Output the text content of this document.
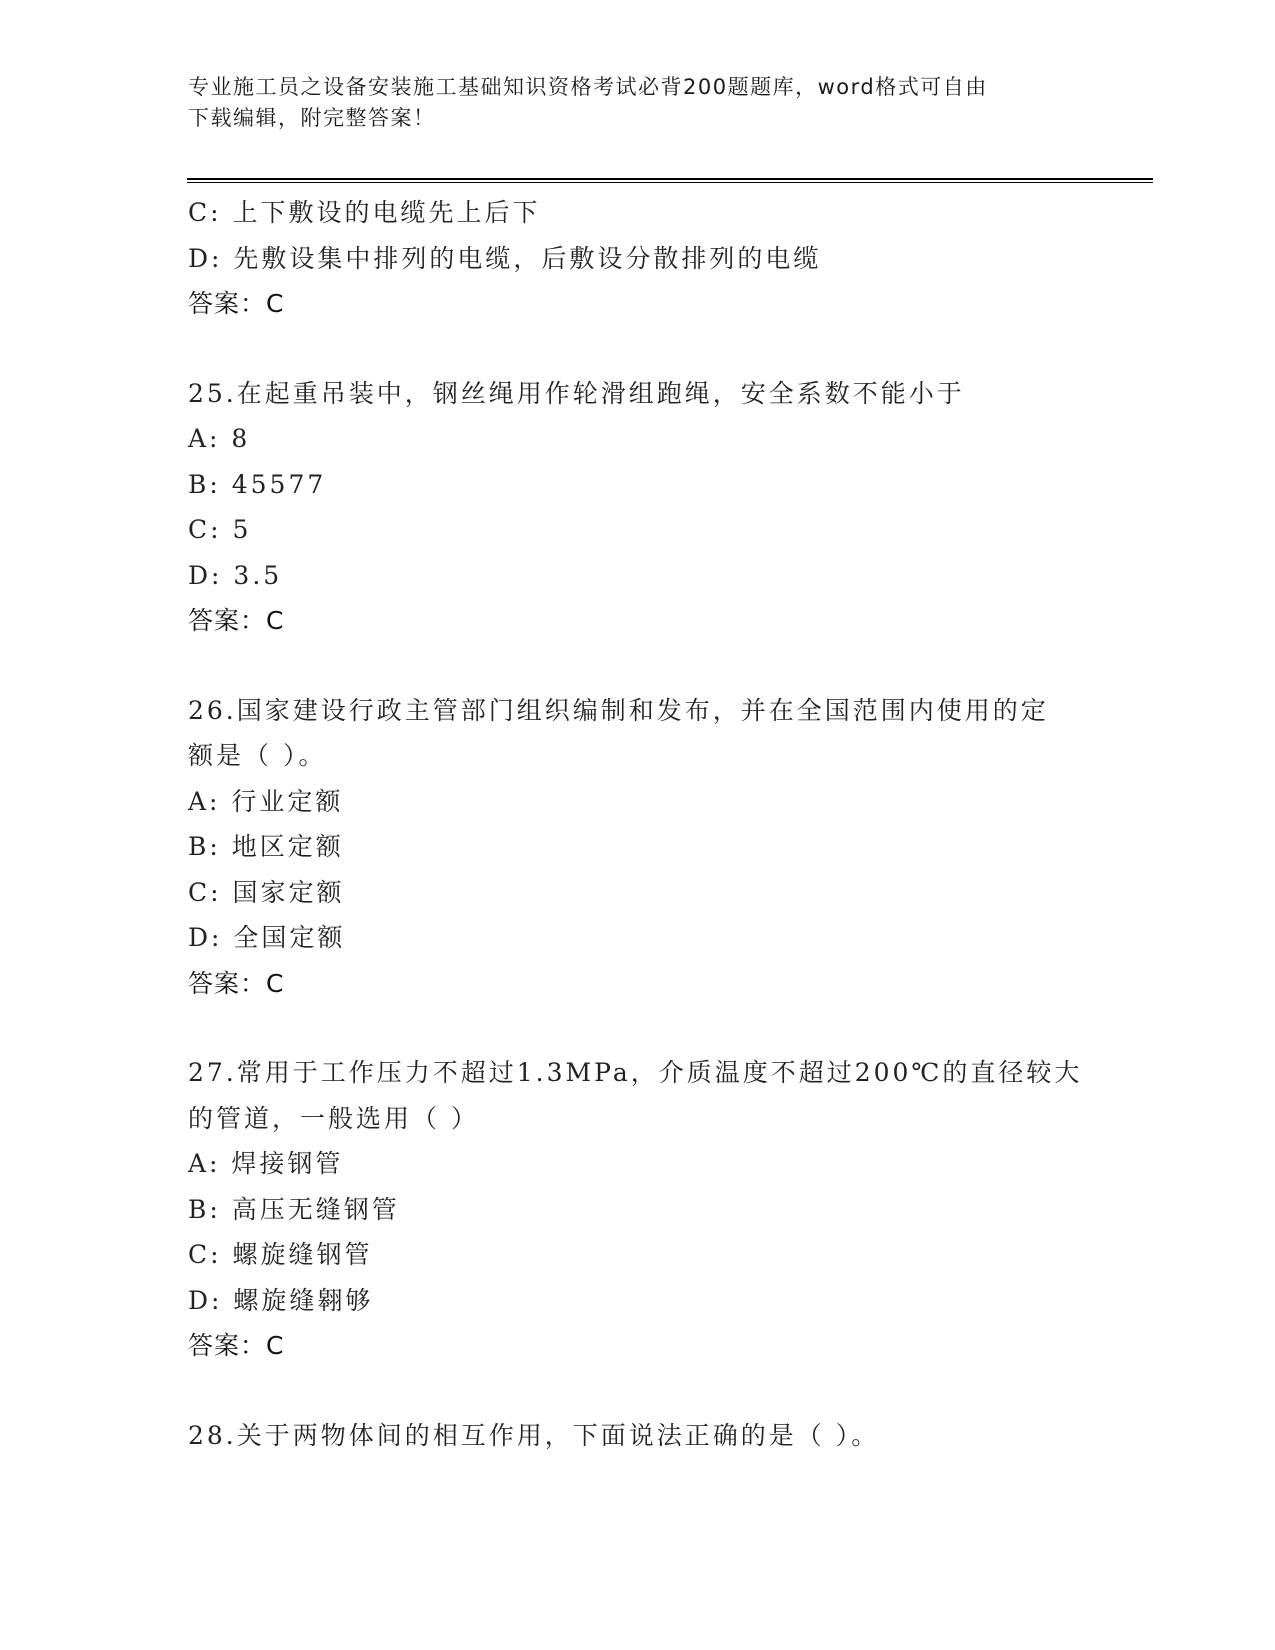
专业施工员之设备安装施工基础知识资格考试必背200题题库，word格式可自由
下载编辑，附完整答案！
C: 上下敷设的电缆先上后下
D: 先敷设集中排列的电缆，后敷设分散排列的电缆
答案：C
25.在起重吊装中，钢丝绳用作轮滑组跑绳，安全系数不能小于
A: 8
B: 45577
C: 5
D: 3.5
答案：C
26.国家建设行政主管部门组织编制和发布，并在全国范围内使用的定
额是（ ）。
A: 行业定额
B: 地区定额
C: 国家定额
D: 全国定额
答案：C
27.常用于工作压力不超过1.3MPa，介质温度不超过200℃的直径较大
的管道，一般选用（ ）
A: 焊接钢管
B: 高压无缝钢管
C: 螺旋缝钢管
D: 螺旋缝翱够
答案：C
28.关于两物体间的相互作用，下面说法正确的是（ ）。
